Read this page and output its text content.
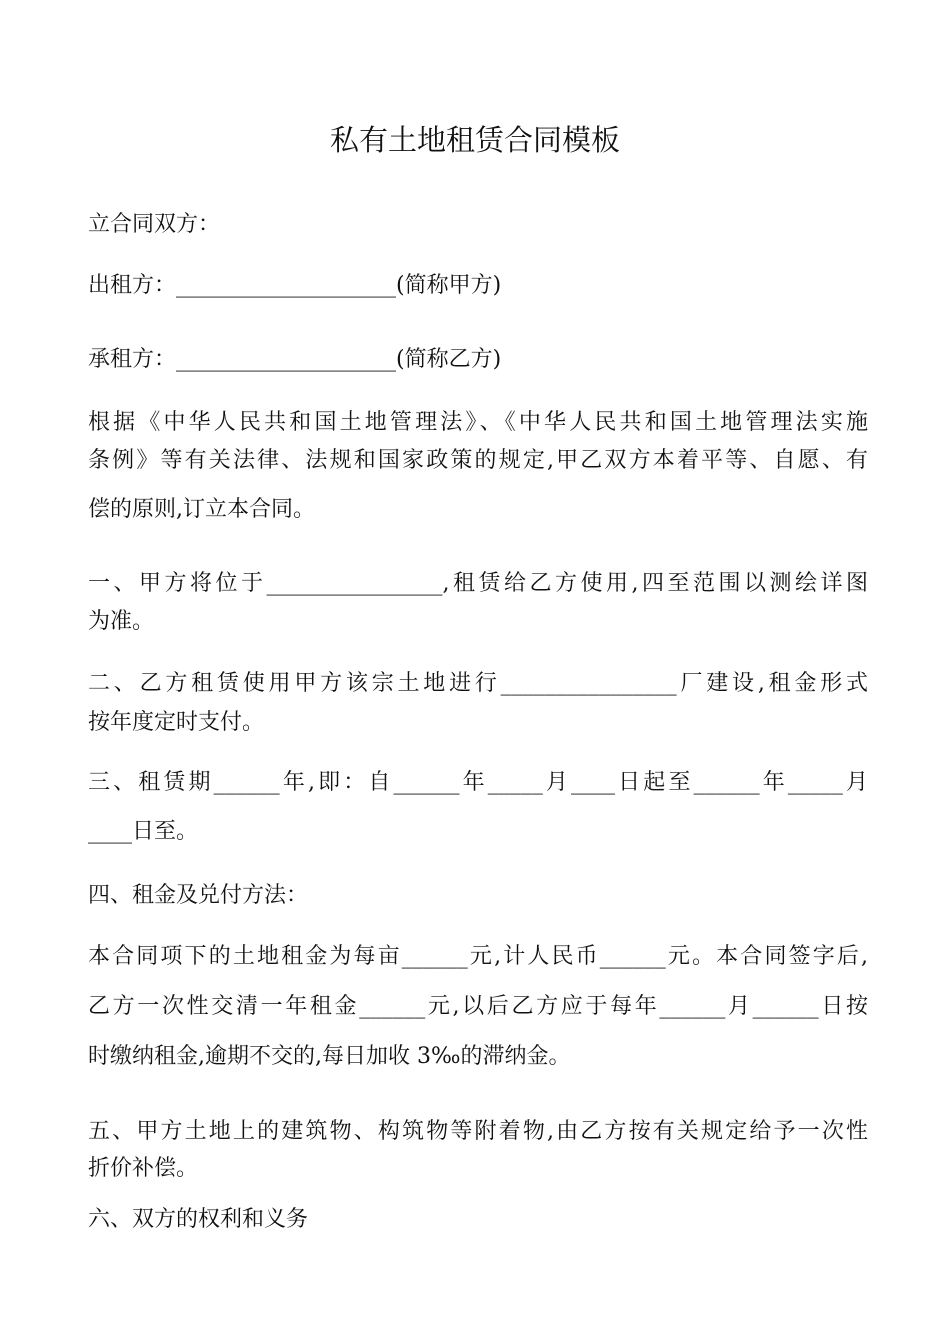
私有土地租赁合同模板
立合同双方：
出租方：____________________(简称甲方)
承租方：____________________(简称乙方)
根据《中华人民共和国土地管理法》、《中华人民共和国土地管理法实施
条例》等有关法律、法规和国家政策的规定,甲乙双方本着平等、自愿、有
偿的原则,订立本合同。
一、甲方将位于________________,租赁给乙方使用,四至范围以测绘详图
为准。
二、乙方租赁使用甲方该宗土地进行________________厂建设,租金形式
按年度定时支付。
三、租赁期______年,即：自______年_____月____日起至______年_____月
____日至。
四、租金及兑付方法：
本合同项下的土地租金为每亩______元,计人民币______元。本合同签字后,
乙方一次性交清一年租金______元,以后乙方应于每年______月______日按
时缴纳租金,逾期不交的,每日加收 3‰的滞纳金。
五、甲方土地上的建筑物、构筑物等附着物,由乙方按有关规定给予一次性
折价补偿。
六、双方的权利和义务
